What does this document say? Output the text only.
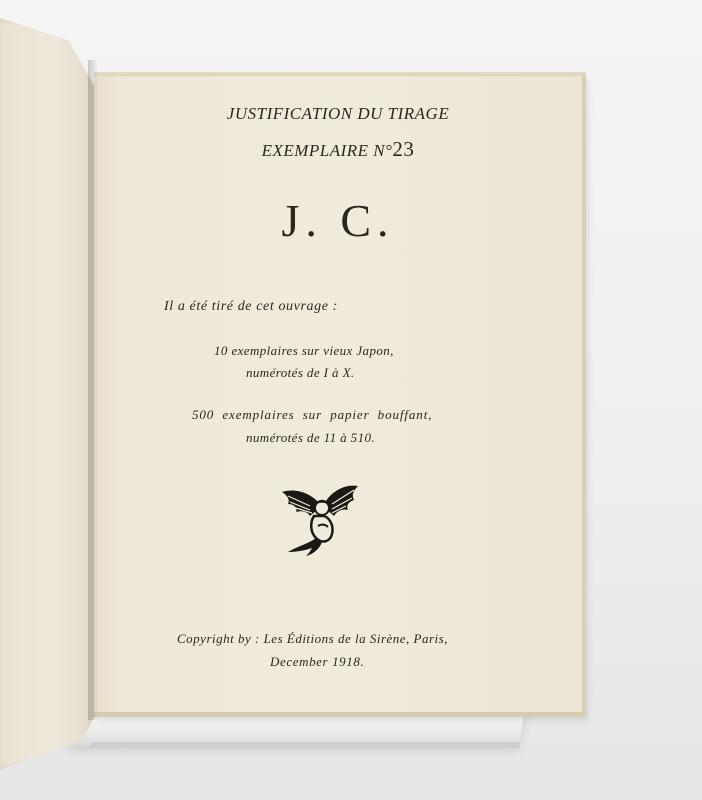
JUSTIFICATION DU TIRAGE

EXEMPLAIRE N°23

J. C.

Il a été tiré de cet ouvrage :

10 exemplaires sur vieux Japon,

numérotés de I à X.

500 exemplaires sur papier bouffant,

numérotés de 11 à 510.

Copyright by : Les Éditions de la Sirène, Paris,

December 1918.
